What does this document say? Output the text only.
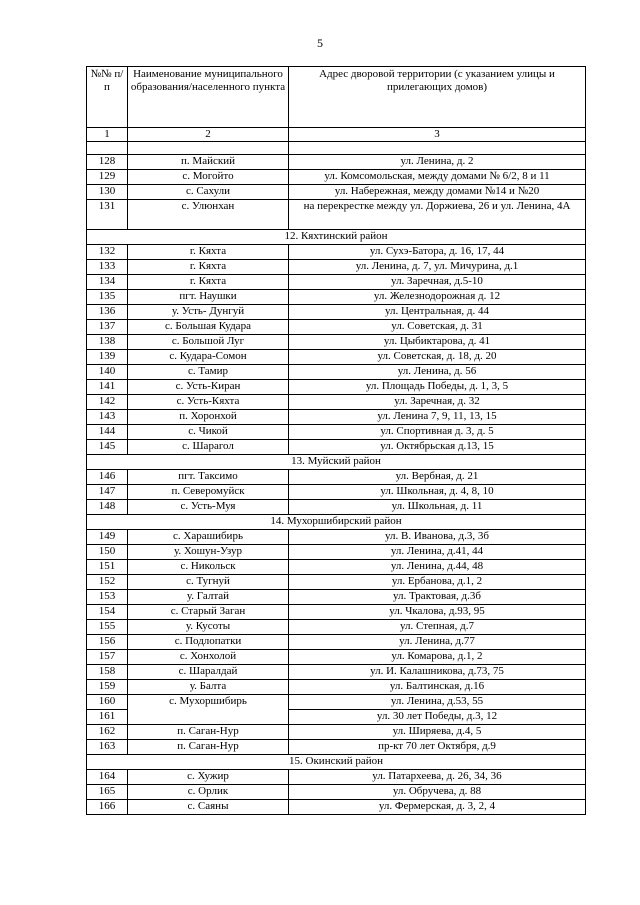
5
№№ п/п	Наименование муниципального образования/населенного пункта	Адрес дворовой территории (с указанием улицы и прилегающих домов)
1	2	3

128	п. Майский	ул. Ленина, д. 2
129	с. Могойто	ул. Комсомольская, между домами № 6/2, 8 и 11
130	с. Сахули	ул. Набережная, между домами №14 и №20
131	с. Улюнхан	на перекрестке между ул. Доржиева, 26 и ул. Ленина, 4А
12. Кяхтинский район		
132	г. Кяхта	ул. Сухэ-Батора, д. 16, 17, 44
133	г. Кяхта	ул. Ленина, д. 7, ул. Мичурина, д.1
134	г. Кяхта	ул. Заречная, д.5-10
135	пгт. Наушки	ул. Железнодорожная д. 12
136	у. Усть- Дунгуй	ул. Центральная, д. 44
137	с. Большая Кудара	ул. Советская, д. 31
138	с. Большой Луг	ул. Цыбиктарова, д. 41
139	с. Кудара-Сомон	ул. Советская, д. 18, д. 20
140	с. Тамир	ул. Ленина, д. 56
141	с. Усть-Киран	ул. Площадь Победы, д. 1, 3, 5
142	с. Усть-Кяхта	ул. Заречная, д. 32
143	п. Хоронхой	ул. Ленина 7, 9, 11, 13, 15
144	с. Чикой	ул. Спортивная д. 3, д. 5
145	с. Шарагол	ул. Октябрьская д.13, 15
13. Муйский район		
146	пгт. Таксимо	ул. Вербная, д. 21
147	п. Северомуйск	ул. Школьная, д. 4, 8, 10
148	с. Усть-Муя	ул. Школьная, д. 11
14. Мухоршибирский район		
149	с. Харашибирь	ул. В. Иванова, д.3, 3б
150	у. Хошун-Узур	ул. Ленина, д.41, 44
151	с. Никольск	ул. Ленина, д.44, 48
152	с. Тугнуй	ул. Ербанова, д.1, 2
153	у. Галтай	ул. Трактовая, д.3б
154	с. Старый Заган	ул. Чкалова, д.93, 95
155	у. Кусоты	ул. Степная, д.7
156	с. Подлопатки	ул. Ленина, д.77
157	с. Хонхолой	ул. Комарова, д.1, 2
158	с. Шаралдай	ул. И. Калашникова, д.73, 75
159	у. Балта	ул. Балтинская, д.16
160	с. Мухоршибирь	ул. Ленина, д.53, 55
161		ул. 30 лет Победы, д.3, 12
162	п. Саган-Нур	ул. Ширяева, д.4, 5
163	п. Саган-Нур	пр-кт 70 лет Октября, д.9
15. Окинский район		
164	с. Хужир	ул. Патархеева, д. 26, 34, 36
165	с. Орлик	ул. Обручева, д. 88
166	с. Саяны	ул. Фермерская, д. 3, 2, 4
